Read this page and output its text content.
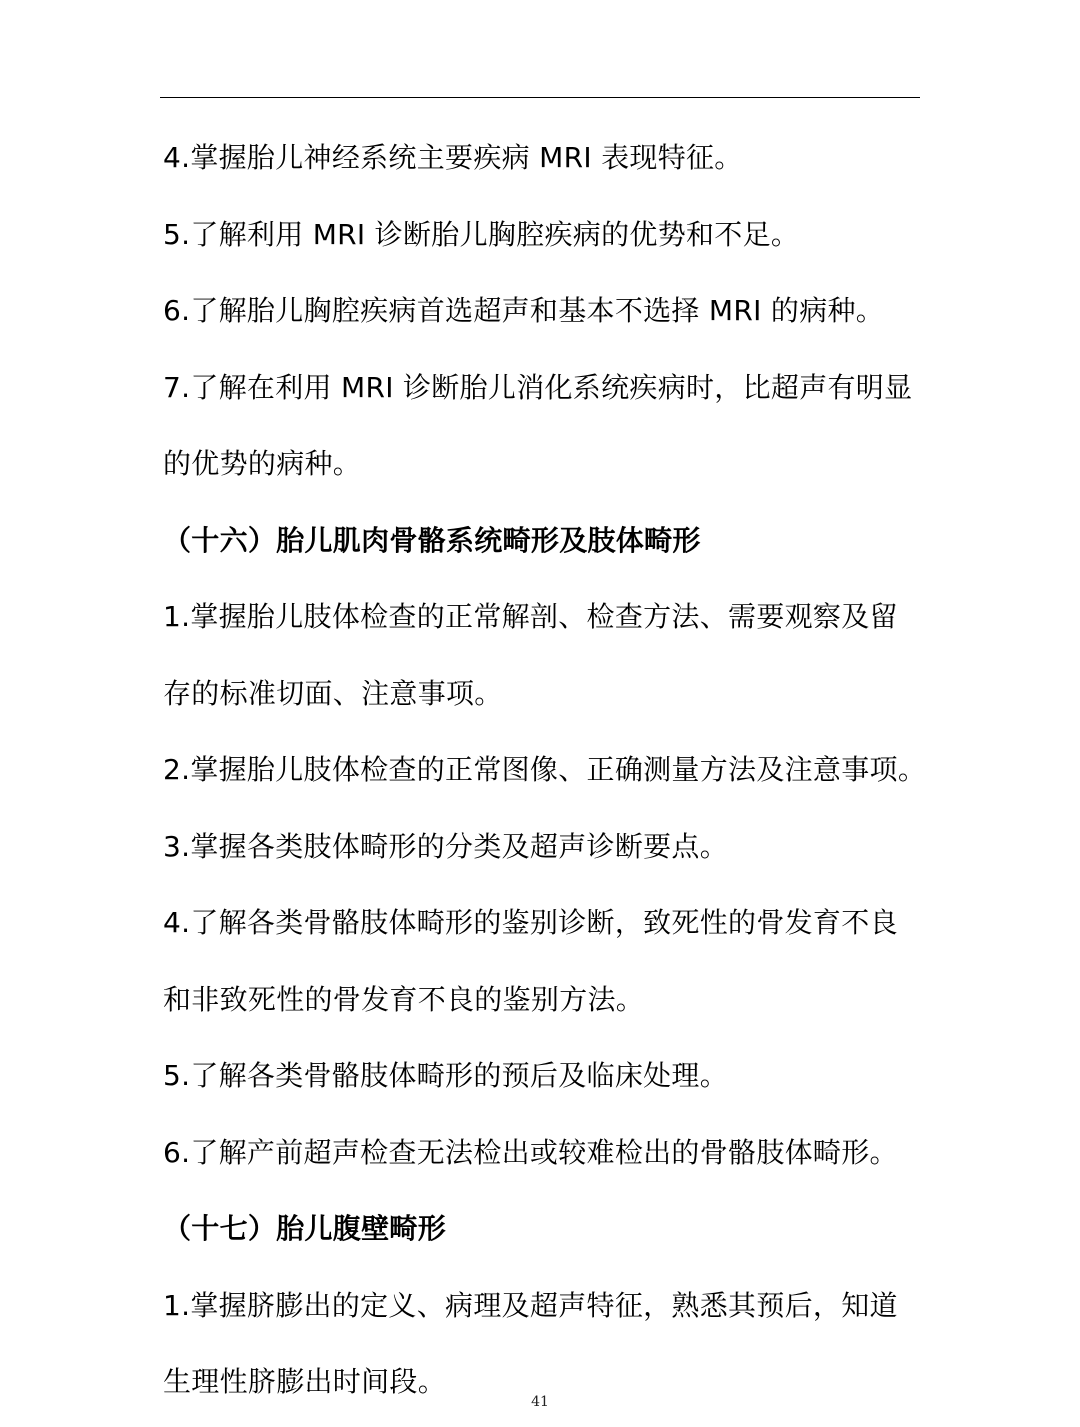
4.掌握胎儿神经系统主要疾病 MRI 表现特征。
5.了解利用 MRI 诊断胎儿胸腔疾病的优势和不足。
6.了解胎儿胸腔疾病首选超声和基本不选择 MRI 的病种。
7.了解在利用 MRI 诊断胎儿消化系统疾病时，比超声有明显
的优势的病种。
（十六）胎儿肌肉骨骼系统畸形及肢体畸形
1.掌握胎儿肢体检查的正常解剖、检查方法、需要观察及留
存的标准切面、注意事项。
2.掌握胎儿肢体检查的正常图像、正确测量方法及注意事项。
3.掌握各类肢体畸形的分类及超声诊断要点。
4.了解各类骨骼肢体畸形的鉴别诊断，致死性的骨发育不良
和非致死性的骨发育不良的鉴别方法。
5.了解各类骨骼肢体畸形的预后及临床处理。
6.了解产前超声检查无法检出或较难检出的骨骼肢体畸形。
（十七）胎儿腹壁畸形
1.掌握脐膨出的定义、病理及超声特征，熟悉其预后，知道
生理性脐膨出时间段。
41
